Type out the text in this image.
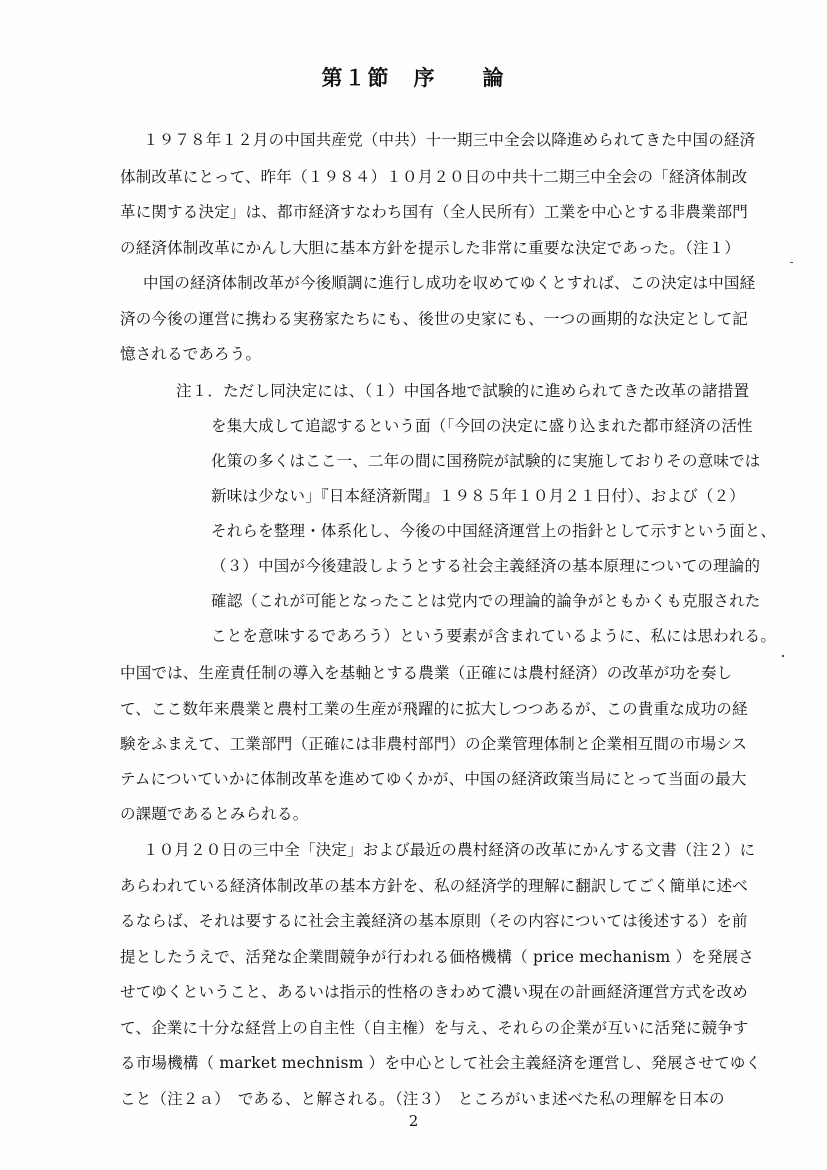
第１節　序　　論
１９７８年１２月の中国共産党（中共）十一期三中全会以降進められてきた中国の経済
体制改革にとって、昨年（１９８４）１０月２０日の中共十二期三中全会の「経済体制改
革に関する決定」は、都市経済すなわち国有（全人民所有）工業を中心とする非農業部門
の経済体制改革にかんし大胆に基本方針を提示した非常に重要な決定であった。（注１）
中国の経済体制改革が今後順調に進行し成功を収めてゆくとすれば、この決定は中国経
済の今後の運営に携わる実務家たちにも、後世の史家にも、一つの画期的な決定として記
憶されるであろう。
注１．ただし同決定には、（１）中国各地で試験的に進められてきた改革の諸措置
を集大成して追認するという面（「今回の決定に盛り込まれた都市経済の活性
化策の多くはここ一、二年の間に国務院が試験的に実施しておりその意味では
新味は少ない」『日本経済新聞』１９８５年１０月２１日付）、および（２）
それらを整理・体系化し、今後の中国経済運営上の指針として示すという面と、
（３）中国が今後建設しようとする社会主義経済の基本原理についての理論的
確認（これが可能となったことは党内での理論的論争がともかくも克服された
ことを意味するであろう）という要素が含まれているように、私には思われる。
中国では、生産責任制の導入を基軸とする農業（正確には農村経済）の改革が功を奏し
て、ここ数年来農業と農村工業の生産が飛躍的に拡大しつつあるが、この貴重な成功の経
験をふまえて、工業部門（正確には非農村部門）の企業管理体制と企業相互間の市場シス
テムについていかに体制改革を進めてゆくかが、中国の経済政策当局にとって当面の最大
の課題であるとみられる。
１０月２０日の三中全「決定」および最近の農村経済の改革にかんする文書（注２）に
あらわれている経済体制改革の基本方針を、私の経済学的理解に翻訳してごく簡単に述べ
るならば、それは要するに社会主義経済の基本原則（その内容については後述する）を前
提としたうえで、活発な企業間競争が行われる価格機構（ price mechanism ）を発展さ
せてゆくということ、あるいは指示的性格のきわめて濃い現在の計画経済運営方式を改め
て、企業に十分な経営上の自主性（自主権）を与え、それらの企業が互いに活発に競争す
る市場機構（ market mechnism ）を中心として社会主義経済を運営し、発展させてゆく
こと（注２ａ）　である、と解される。（注３）　ところがいま述べた私の理解を日本の
2
